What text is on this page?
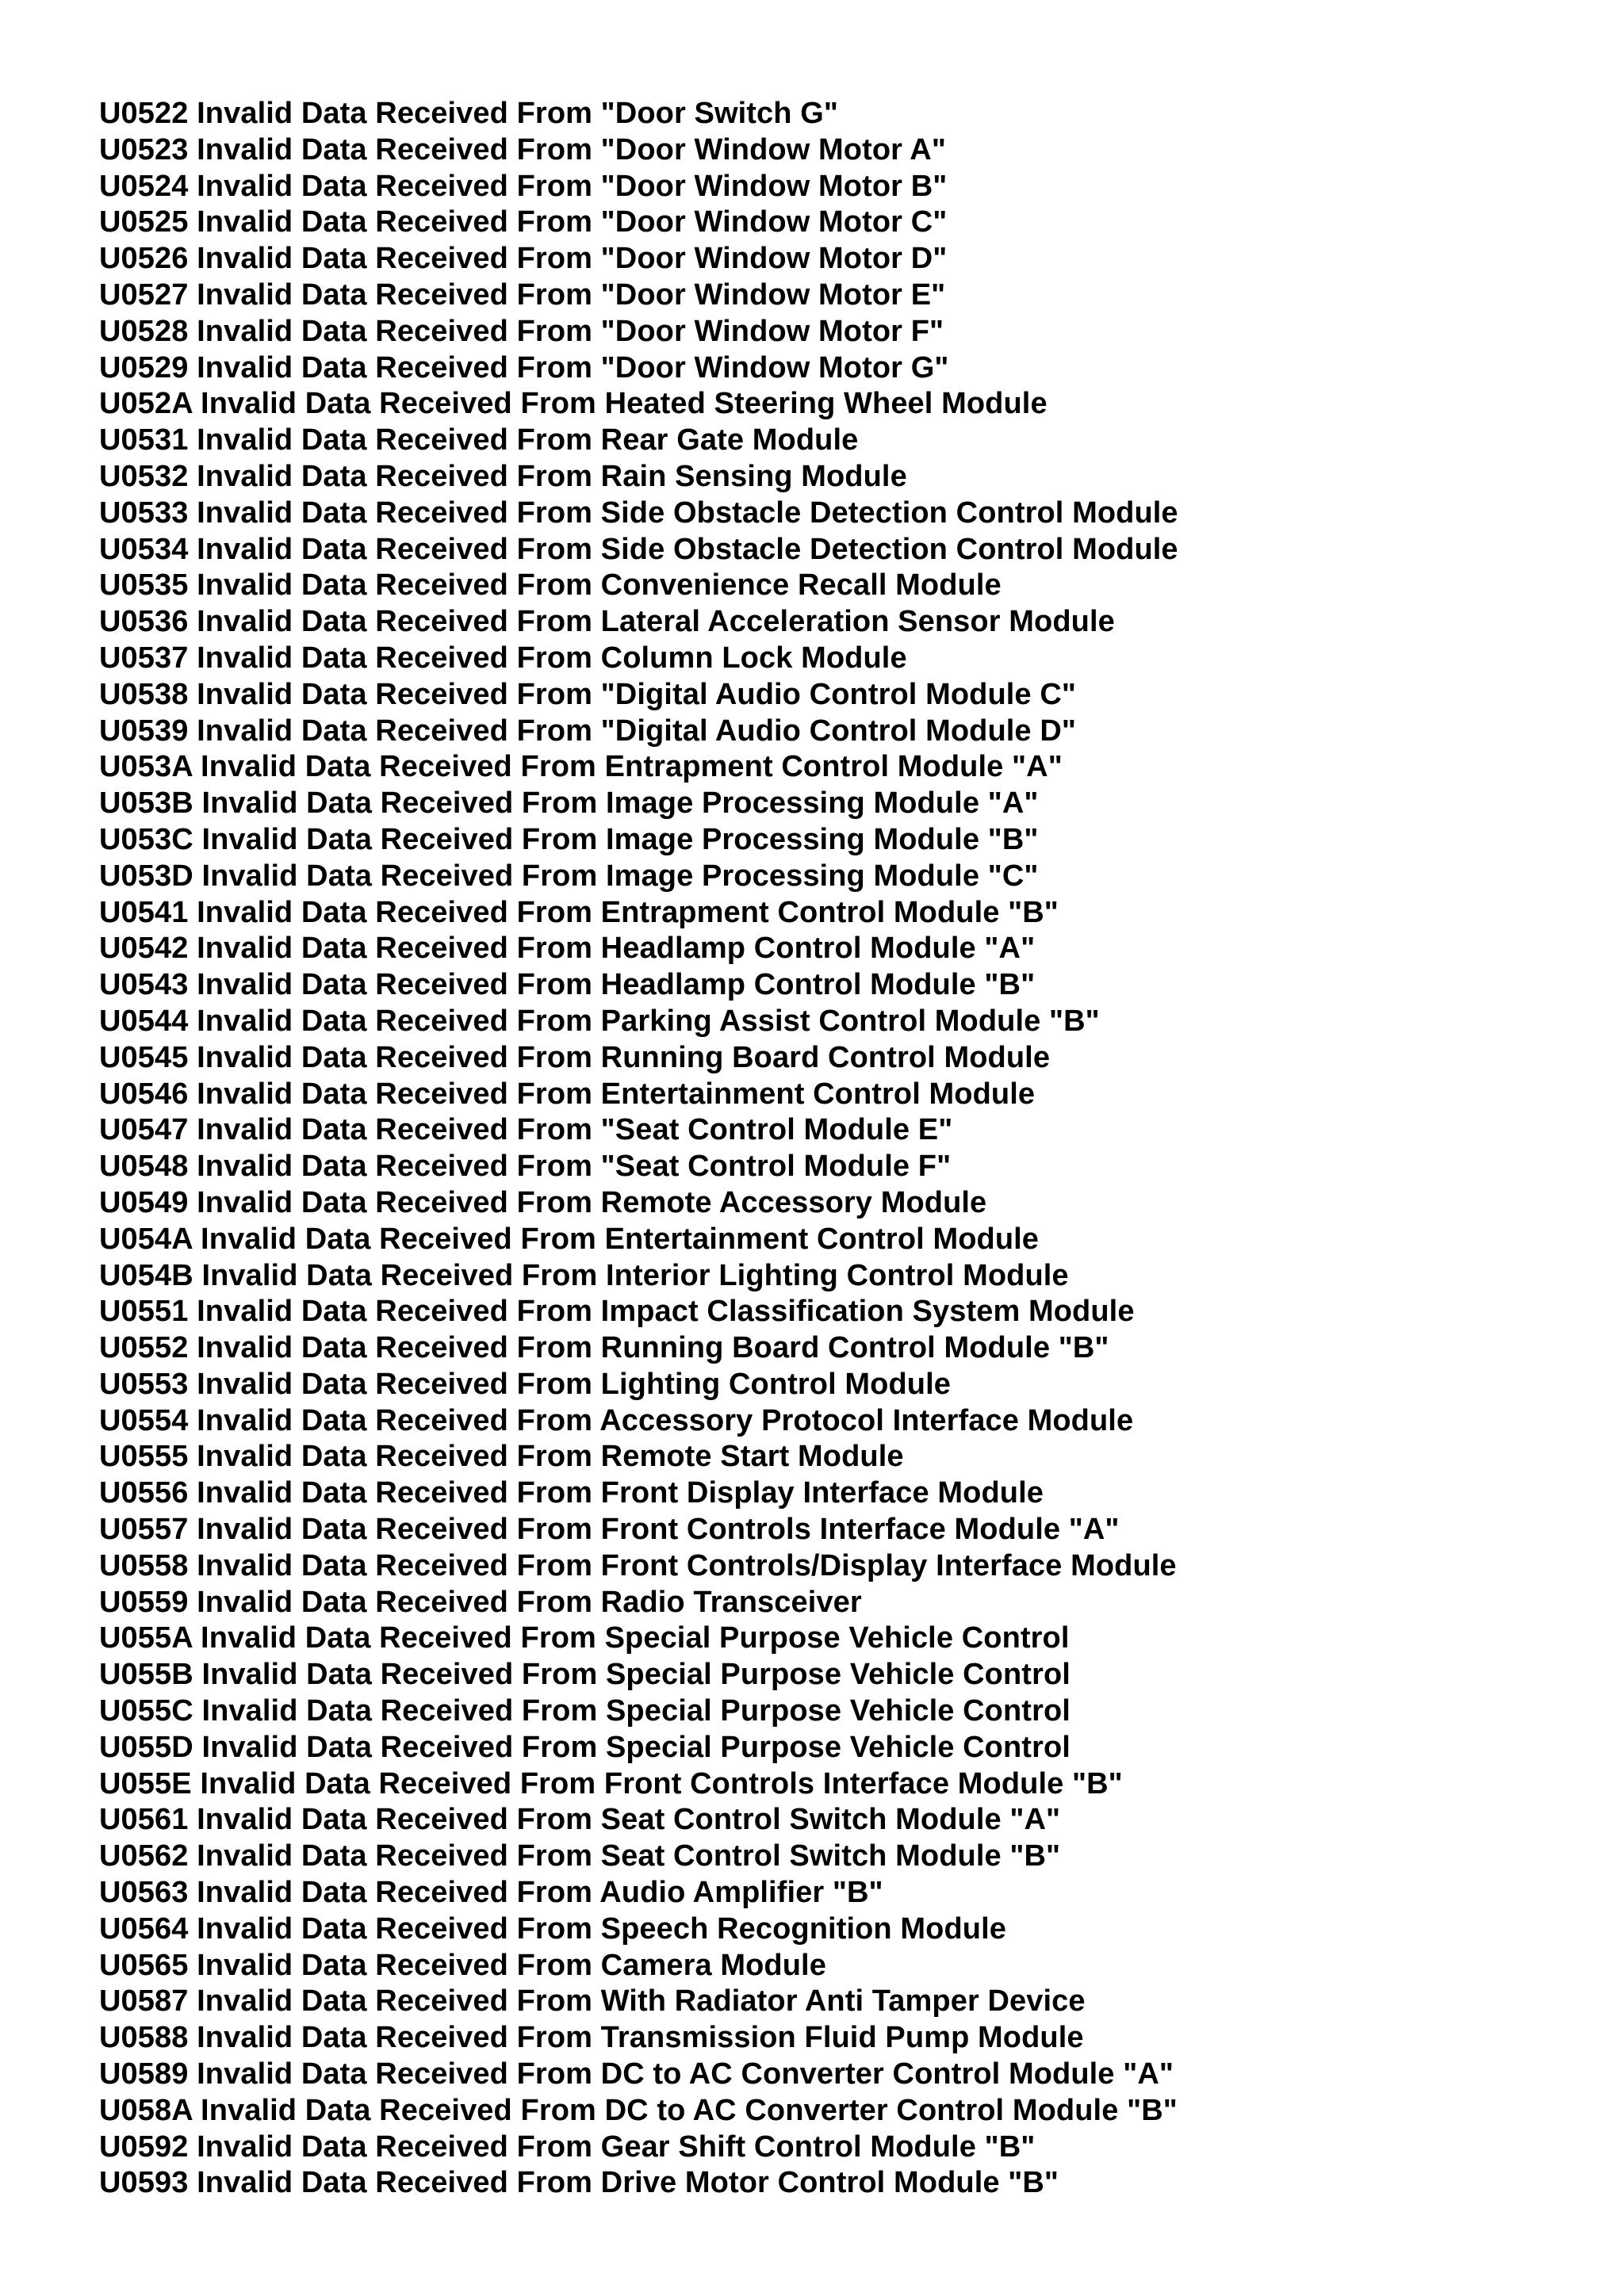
U0522 Invalid Data Received From "Door Switch G"
U0523 Invalid Data Received From "Door Window Motor A"
U0524 Invalid Data Received From "Door Window Motor B"
U0525 Invalid Data Received From "Door Window Motor C"
U0526 Invalid Data Received From "Door Window Motor D"
U0527 Invalid Data Received From "Door Window Motor E"
U0528 Invalid Data Received From "Door Window Motor F"
U0529 Invalid Data Received From "Door Window Motor G"
U052A Invalid Data Received From Heated Steering Wheel Module
U0531 Invalid Data Received From Rear Gate Module
U0532 Invalid Data Received From Rain Sensing Module
U0533 Invalid Data Received From Side Obstacle Detection Control Module
U0534 Invalid Data Received From Side Obstacle Detection Control Module
U0535 Invalid Data Received From Convenience Recall Module
U0536 Invalid Data Received From Lateral Acceleration Sensor Module
U0537 Invalid Data Received From Column Lock Module
U0538 Invalid Data Received From "Digital Audio Control Module C"
U0539 Invalid Data Received From "Digital Audio Control Module D"
U053A Invalid Data Received From Entrapment Control Module "A"
U053B Invalid Data Received From Image Processing Module "A"
U053C Invalid Data Received From Image Processing Module "B"
U053D Invalid Data Received From Image Processing Module "C"
U0541 Invalid Data Received From Entrapment Control Module "B"
U0542 Invalid Data Received From Headlamp Control Module "A"
U0543 Invalid Data Received From Headlamp Control Module "B"
U0544 Invalid Data Received From Parking Assist Control Module "B"
U0545 Invalid Data Received From Running Board Control Module
U0546 Invalid Data Received From Entertainment Control Module
U0547 Invalid Data Received From "Seat Control Module E"
U0548 Invalid Data Received From "Seat Control Module F"
U0549 Invalid Data Received From Remote Accessory Module
U054A Invalid Data Received From Entertainment Control Module
U054B Invalid Data Received From Interior Lighting Control Module
U0551 Invalid Data Received From Impact Classification System Module
U0552 Invalid Data Received From Running Board Control Module "B"
U0553 Invalid Data Received From Lighting Control Module
U0554 Invalid Data Received From Accessory Protocol Interface Module
U0555 Invalid Data Received From Remote Start Module
U0556 Invalid Data Received From Front Display Interface Module
U0557 Invalid Data Received From Front Controls Interface Module "A"
U0558 Invalid Data Received From Front Controls/Display Interface Module
U0559 Invalid Data Received From Radio Transceiver
U055A Invalid Data Received From Special Purpose Vehicle Control
U055B Invalid Data Received From Special Purpose Vehicle Control
U055C Invalid Data Received From Special Purpose Vehicle Control
U055D Invalid Data Received From Special Purpose Vehicle Control
U055E Invalid Data Received From Front Controls Interface Module "B"
U0561 Invalid Data Received From Seat Control Switch Module "A"
U0562 Invalid Data Received From Seat Control Switch Module "B"
U0563 Invalid Data Received From Audio Amplifier "B"
U0564 Invalid Data Received From Speech Recognition Module
U0565 Invalid Data Received From Camera Module
U0587 Invalid Data Received From With Radiator Anti Tamper Device
U0588 Invalid Data Received From Transmission Fluid Pump Module
U0589 Invalid Data Received From DC to AC Converter Control Module "A"
U058A Invalid Data Received From DC to AC Converter Control Module "B"
U0592 Invalid Data Received From Gear Shift Control Module "B"
U0593 Invalid Data Received From Drive Motor Control Module "B"
